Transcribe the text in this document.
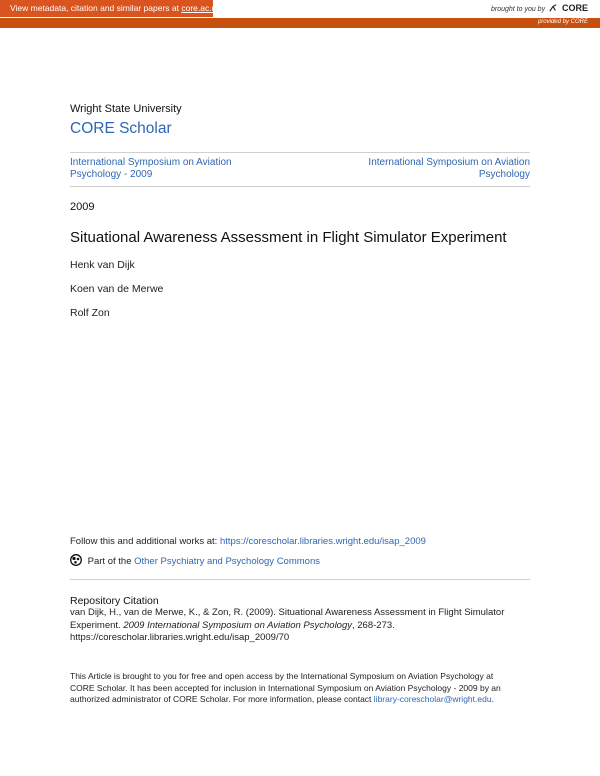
View metadata, citation and similar papers at core.ac.uk	brought to you by CORE
provided by CORE
Wright State University
CORE Scholar
International Symposium on Aviation
Psychology - 2009
International Symposium on Aviation
Psychology
2009
Situational Awareness Assessment in Flight Simulator Experiment
Henk van Dijk
Koen van de Merwe
Rolf Zon
Follow this and additional works at: https://corescholar.libraries.wright.edu/isap_2009
Part of the Other Psychiatry and Psychology Commons
Repository Citation
van Dijk, H., van de Merwe, K., & Zon, R. (2009). Situational Awareness Assessment in Flight Simulator
Experiment. 2009 International Symposium on Aviation Psychology, 268-273.
https://corescholar.libraries.wright.edu/isap_2009/70
This Article is brought to you for free and open access by the International Symposium on Aviation Psychology at
CORE Scholar. It has been accepted for inclusion in International Symposium on Aviation Psychology - 2009 by an
authorized administrator of CORE Scholar. For more information, please contact library-corescholar@wright.edu.
